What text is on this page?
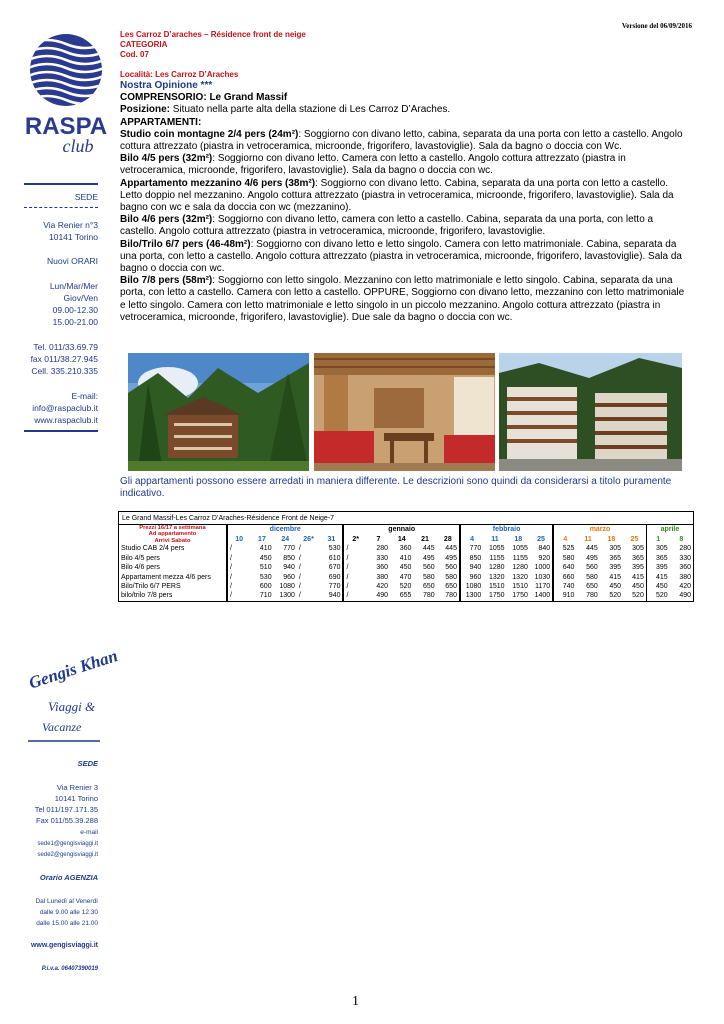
Versione del 06/09/2016
RASPA
club
SEDE
Via Renier n°3
10141 Torino
Nuovi ORARI
Lun/Mar/Mer
Giov/Ven
09.00-12.30
15.00-21.00
Tel. 011/33.69.79
fax 011/38.27.945
Cell. 335.210.335
E-mail:
info@raspaclub.it
www.raspaclub.it
Gengis Khan
Viaggi &
Vacanze
SEDE
Via Renier 3
10141 Torino
Tel 011/197.171.35
Fax 011/55.39.288
e-mail
sede1@gengisviaggi.it
sede2@gengisviaggi.it
Orario AGENZIA
Dal Lunedì al Venerdì
dalle 9.00 alle 12.30
dalle 15.00 alle 21.00
www.gengisviaggi.it
P.i.v.a. 06407390019
Les Carroz D’araches – Résidence front de neige
CATEGORIA
Cod. 07
Località: Les Carroz D’Araches
Nostra Opinione ***
COMPRENSORIO: Le Grand Massif
Posizione: Situato nella parte alta della stazione di Les Carroz D’Araches.
APPARTAMENTI:
Studio coin montagne 2/4 pers (24m²): Soggiorno con divano letto, cabina, separata da una porta con letto a castello. Angolo cottura attrezzato (piastra in vetroceramica, microonde, frigorifero, lavastoviglie). Sala da bagno o doccia con Wc.
Bilo 4/5 pers (32m²): Soggiorno con divano letto. Camera con letto a castello. Angolo cottura attrezzato (piastra in vetroceramica, microonde, frigorifero, lavastoviglie). Sala da bagno o doccia con wc.
Appartamento mezzanino 4/6 pers (38m²): Soggiorno con divano letto. Cabina, separata da una porta con letto a castello. Letto doppio nel mezzanino. Angolo cottura attrezzato (piastra in vetroceramica, microonde, frigorifero, lavastoviglie). Sala da bagno con wc e sala da doccia con wc (mezzanino).
Bilo 4/6 pers (32m²): Soggiorno con divano letto, camera con letto a castello. Cabina, separata da una porta, con letto a castello. Angolo cottura attrezzato (piastra in vetroceramica, microonde, frigorifero, lavastoviglie.
Bilo/Trilo 6/7 pers (46-48m²): Soggiorno con divano letto e letto singolo. Camera con letto matrimoniale. Cabina, separata da una porta, con letto a castello. Angolo cottura attrezzato (piastra in vetroceramica, microonde, frigorifero, lavastoviglie). Sala da bagno o doccia con wc.
Bilo 7/8 pers (58m²): Soggiorno con letto singolo. Mezzanino con letto matrimoniale e letto singolo. Cabina, separata da una porta, con letto a castello. Camera con letto a castello. OPPURE, Soggiorno con divano letto, mezzanino con letto matrimoniale e letto singolo. Camera con letto matrimoniale e letto singolo in un piccolo mezzanino. Angolo cottura attrezzato (piastra in vetroceramica, microonde, frigorifero, lavastoviglie). Due sale da bagno o doccia con wc.
Gli appartamenti possono essere arredati in maniera differente. Le descrizioni sono quindi da considerarsi a titolo puramente indicativo.
Le Grand Massif-Les Carroz D’Araches-Résidence Front de Neige-7																				
Prezzi 16/17 a settimana
Ad appartamento
Arrivi Sabato	dicembre					gennaio					febbraio				marzo				aprile	
	10	17	24	26*	31	2*	7	14	21	28	4	11	18	25	4	11	18	25	1	8
Studio CAB 2/4 pers	/	410	770	/	530	/	280	360	445	445	770	1055	1055	840	525	445	305	305	305	280
Bilo 4/5 pers	/	450	850	/	610	/	330	410	495	495	850	1155	1155	920	580	495	365	365	365	330
Bilo 4/6 pers	/	510	940	/	670	/	360	450	560	560	940	1280	1280	1000	640	560	395	395	395	360
Appartament mezza 4/6 pers	/	530	960	/	690	/	380	470	580	580	960	1320	1320	1030	660	580	415	415	415	380
Bilo/Trilo 6/7 PERS	/	600	1080	/	770	/	420	520	650	650	1080	1510	1510	1170	740	650	450	450	450	420
bilo/trilo 7/8 pers	/	710	1300	/	940	/	490	655	780	780	1300	1750	1750	1400	910	780	520	520	520	490
1
